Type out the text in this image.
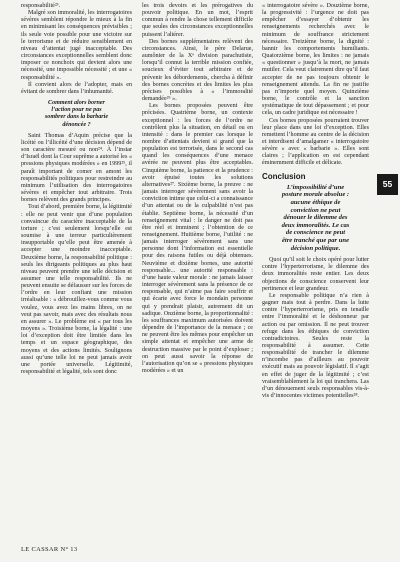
responsabilité²³.

Malgré son immoralité, les interrogatoires sévères semblent répondre le mieux à la fin en minimisant les conséquences prévisibles ; ils seule voie possible pour une victoire sur le terrorisme et de réduire sensiblement en niveau d’attentat jugé inacceptable. Des circonstances exceptionnelles semblent donc imposer ce nonchoix qui devient alors une nécessité, une impossible nécessité ; et une « responsabilité ».

Il convient alors de l’adopter, mais en évitant de sombrer dans l’inhumanité.

Comment alors borner
l’action pour ne pas
sombrer dans la barbarie
dénoncée ?

Saint Thomas d’Aquin précise que la licéité ou l’illicéité d’une décision dépend de son caractère mesuré ou non²⁴. À l’instar d’Israël dont la Cour suprême a autorisé les « pressions physiques modérées » en 1999²⁵, il paraît important de comer en amont les responsabilités politiques pour restreindre au minimum l’utilisation des interrogatoires sévères et empêcher tout arbitraire. Trois bornes relèvent des grands principes.

Tout d’abord, première borne, la légitimité : elle ne peut venir que d’une population convaincue du caractère inacceptable de la torture ; c’est seulement lorsqu’elle est soumise à une terreur particulièrement insupportable qu’elle peut être amenée à accepter une moindre inacceptable. Deuxième borne, la responsabilité politique : seuls les dirigeants politiques au plus haut niveau peuvent prendre une telle décision et assumer une telle responsabilité. Ils ne peuvent ensuite se défausser sur les forces de l’ordre en leur confiant une mission irréalisable : « débrouillez-vous comme vous voulez, vous avez les mains libres, on ne veut pas savoir, mais avec des résultats nous en assurer ». Le problème est « par tous les moyens ». Troisième borne, la légalité : une loi d’exception doit être limitée dans les temps et un espace géographique, des moyens et des actions limités. Soulignons aussi qu’une telle loi ne peut jamais avoir une portée universelle. Légitimité, responsabilité et légalité, tels sont donc

les trois devoirs et les prérogatives du pouvoir politique. En un mot, l’esprit commun à rendre la chose tellement difficile que seules des circonstances exceptionnelles puissent l’altérer.

Des bornes supplémentaires relèvent des circonstances. Ainsi, le père Delarue, aumônier de la Xᵉ division parachutiste, lorsqu’il connut la terrible mission confiée, soucieux d’éviter tout arbitraire et de prévenir les débordements, chercha à définir des bornes concrètes et des limites les plus précises possibles à « l’immoralité demandée²⁶ ».

Les bornes proposées peuvent être précisées. Quatrième borne, un contexte exceptionnel : les forces de l’ordre ne contrôlent plus la situation, en détail ou en intensité : dans le premier cas lorsque le nombre d’attentats devient si grand que la population est terrorisée, dans le second cas quand les conséquences d’une menace avérée ne peuvent plus être acceptables. Cinquième borne, la patience et la prudence : avoir épuisé toutes les solutions alternatives²⁷. Sixième borne, la preuve : ne jamais interroger sévèrement sans avoir la conviction intime que celui-ci a connaissance d’un attentat ou de la culpabilité n’est pas établie. Septième borne, la nécessité d’un renseignement vital : le danger ne doit pas être réel et imminent ; l’obtention de ce renseignement. Huitième borne, l’utilité : ne jamais interroger sévèrement sans une personne dont l’information est essentielle pour des raisons futiles ou déjà obtenues. Neuvième et dixième bornes, une autorité responsable... une autorité responsable : d’une haute valeur morale : ne jamais laisser interroger sévèrement sans la présence de ce responsable, qui n’aime pas faire souffrir et qui écarte avec force le mondain personne qui y prendrait plaisir, autrement dit un sadique. Onzième borne, la proportionnalité : les souffrances maximum autorisées doivent dépendre de l’importance de la menace ; ce ne peuvent être les mêmes pour empêcher un simple attentat et empêcher une arme de destruction massive par le point d’exploser ; on peut aussi savoir la réponse de l’autorisation qu’on se « pressions physiques modérées » et un

« interrogatoire sévère ». Douzième borne, la progressivité : l’urgence ne doit pas empêcher d’essayer d’obtenir les renseignements recherchés avec le minimum de souffrance strictement nécessaire. Treizième borne, la dignité : bannir les comportements humiliants. Quatorzième borne, les limites : ne jamais « questionner » jusqu’à la mort, ne jamais mutiler. Cela veut clairement dire qu’il faut accepter de ne pas toujours obtenir le renseignement attendu. La fin ne justifie pas n’importe quel moyen. Quinzième borne, le contrôle et la sanction systématique de tout dépassement ; et pour cela, un cadre juridique est nécessaire !

Ces bornes proposées pourraient trouver leur place dans une loi d’exception. Elles remettent l’homme au centre de la décision et interdisent d’amalgamer « interrogatoire sévère » avec « barbarie ». Elles sont claires ; l’application en est cependant éminemment difficile et délicate.

Conclusion
L’impossibilité d’une
posture morale absolue :
aucune éthique de
conviction ne peut
dénouer le dilemme des
deux immoralités. Le cas
de conscience ne peut
être tranché que par une
décision politique.

Quoi qu’il soit le choix opéré pour lutter contre l’hyperterrorisme, le dilemme des deux immoralités reste entier. Les deux objections de conscience conservent leur pertinence et leur grandeur.

Le responsable politique n’a rien à gagner mais tout à perdre. Dans la lutte contre l’hyperterrorisme, pris en tenaille entre l’immoralité et le déshonneur par action ou par omission. Il ne peut trouver refuge dans les éthiques de conviction contradictoires. Seules reste la responsabilité à assumer. Cette responsabilité de trancher le dilemme n’incombe pas d’ailleurs au pouvoir exécutif mais au pouvoir législatif. Il s’agit en effet de juger de la légitimité ; c’est vraisemblablement la loi qui tranchera. Las d’un dénouement seuls responsables vis-à-vis d’innocentes victimes potentielles²⁸.

55
LE CASSAR N° 13
